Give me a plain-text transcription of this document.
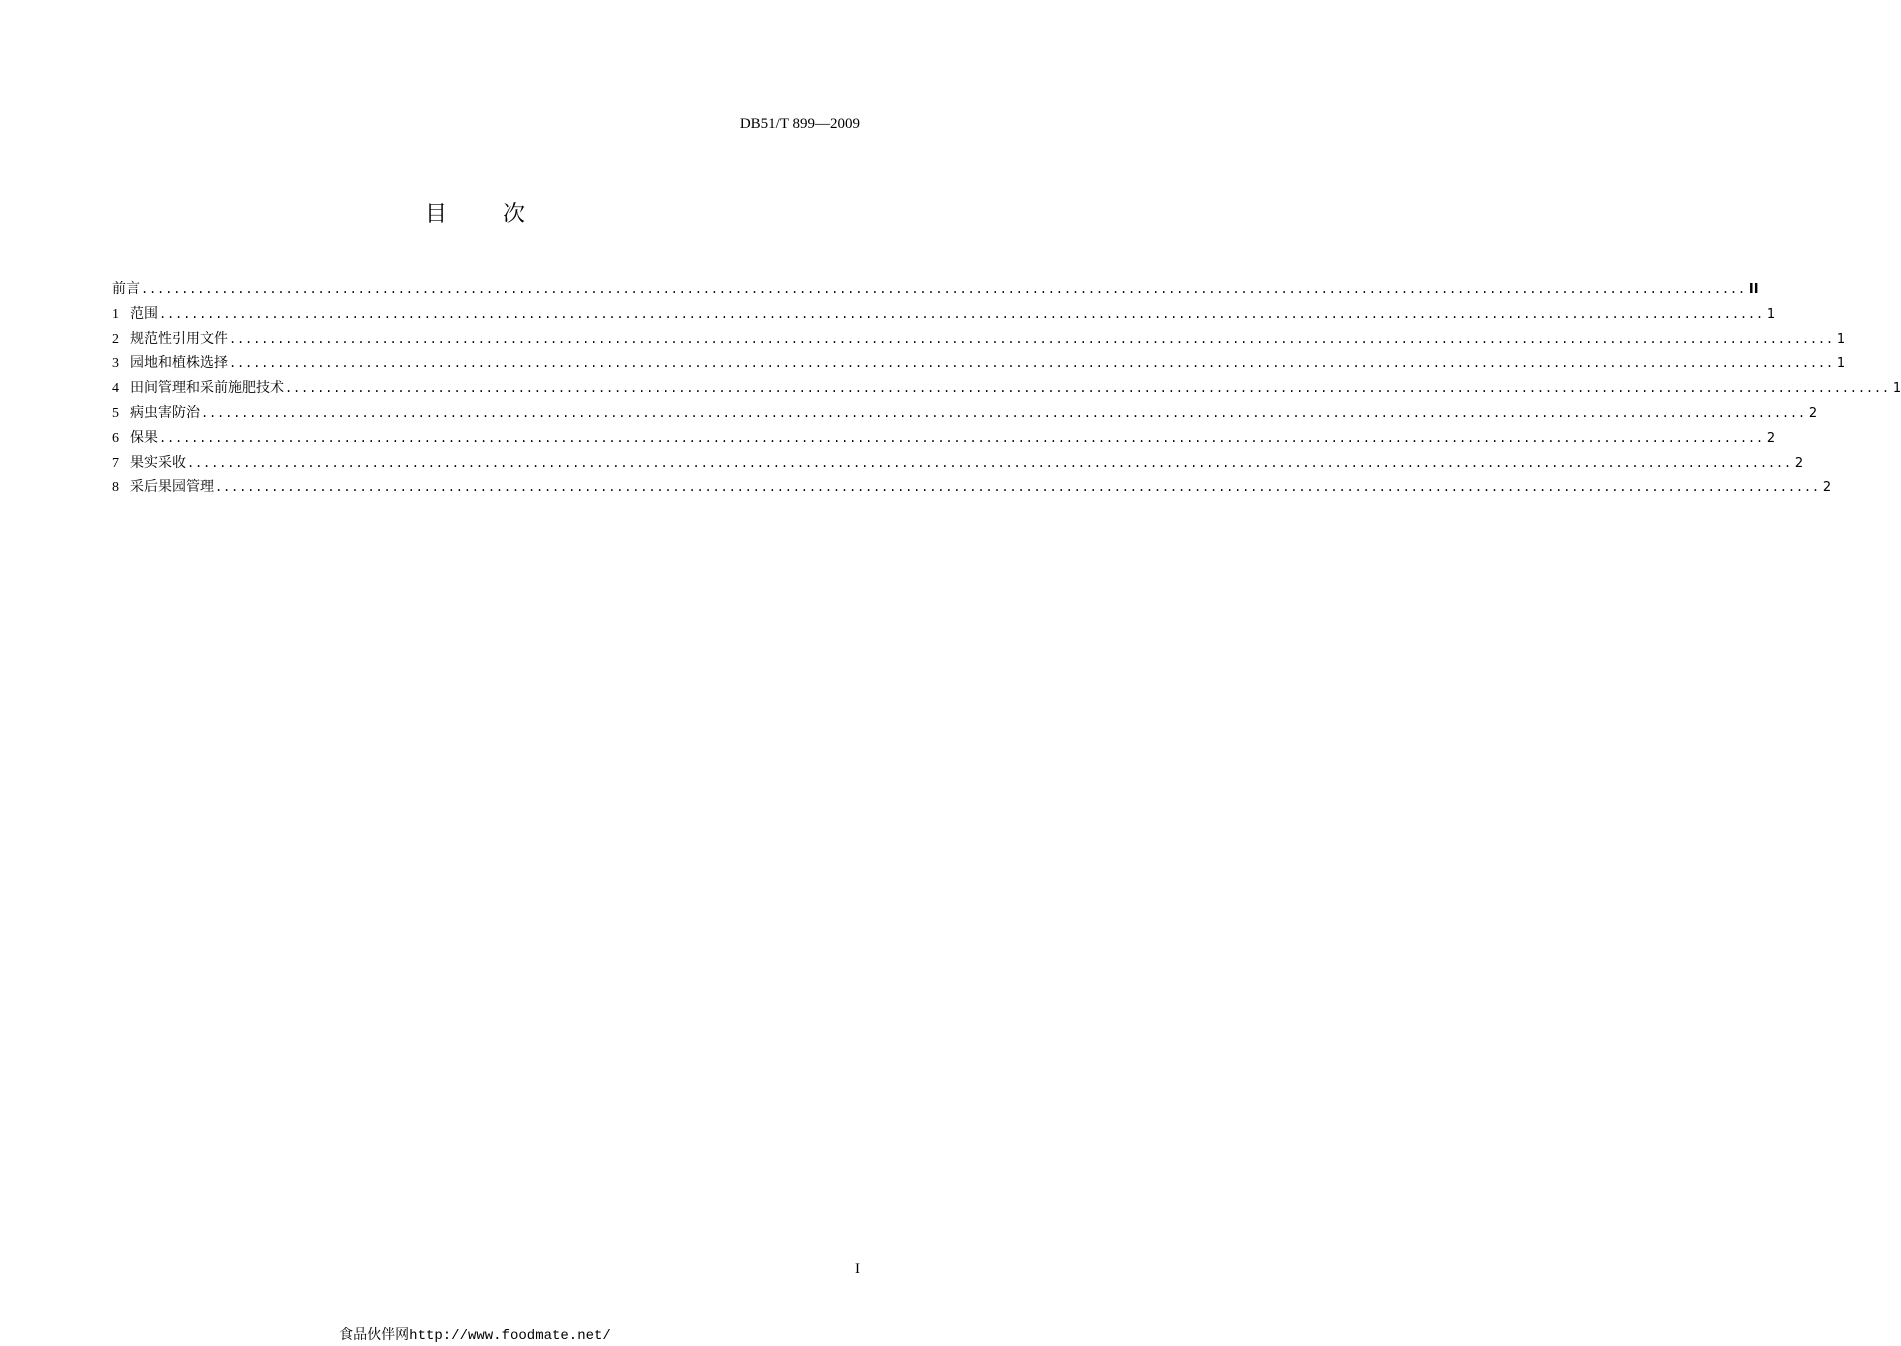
DB51/T 899—2009
目次
前言 ........................................................................................................................................................................................................ II
1 范围 ........................................................................................................................................................................................................ 1
2 规范性引用文件 ........................................................................................................................................................................................................ 1
3 园地和植株选择 ........................................................................................................................................................................................................ 1
4 田间管理和采前施肥技术 ........................................................................................................................................................................................................ 1
5 病虫害防治 ........................................................................................................................................................................................................ 2
6 保果 ........................................................................................................................................................................................................ 2
7 果实采收 ........................................................................................................................................................................................................ 2
8 采后果园管理 ........................................................................................................................................................................................................ 2
I
食品伙伴网http://www.foodmate.net/
